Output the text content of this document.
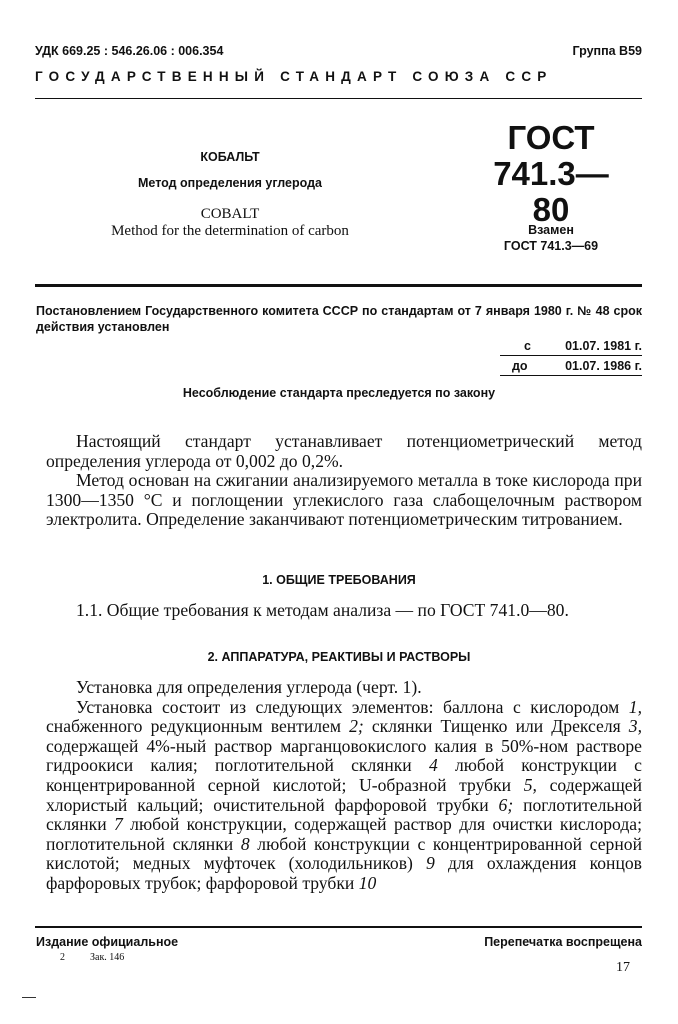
УДК 669.25 : 546.26.06 : 006.354	Группа В59
ГОСУДАРСТВЕННЫЙ СТАНДАРТ СОЮЗА ССР
КОБАЛЬТ
Метод определения углерода
COBALT
Method for the determination of carbon
ГОСТ
741.3—80
Взамен
ГОСТ 741.3—69
Постановлением Государственного комитета СССР по стандартам от 7 января 1980 г. № 48 срок действия установлен
с	01.07. 1981 г.
до	01.07. 1986 г.
Несоблюдение стандарта преследуется по закону

Настоящий стандарт устанавливает потенциометрический метод определения углерода от 0,002 до 0,2%.

Метод основан на сжигании анализируемого металла в токе кислорода при 1300—1350 °С и поглощении углекислого газа слабощелочным раствором электролита. Определение заканчивают потенциометрическим титрованием.

1. ОБЩИЕ ТРЕБОВАНИЯ

1.1. Общие требования к методам анализа — по ГОСТ 741.0—80.

2. АППАРАТУРА, РЕАКТИВЫ И РАСТВОРЫ

Установка для определения углерода (черт. 1).

Установка состоит из следующих элементов: баллона с кислородом 1, снабженного редукционным вентилем 2; склянки Тищенко или Дрекселя 3, содержащей 4%-ный раствор марганцовокислого калия в 50%-ном растворе гидроокиси калия; поглотительной склянки 4 любой конструкции с концентрированной серной кислотой; U-образной трубки 5, содержащей хлористый кальций; очистительной фарфоровой трубки 6; поглотительной склянки 7 любой конструкции, содержащей раствор для очистки кислорода; поглотительной склянки 8 любой конструкции с концентрированной серной кислотой; медных муфточек (холодильников) 9 для охлаждения концов фарфоровых трубок; фарфоровой трубки 10

Издание официальное	Перепечатка воспрещена
2	Зак. 146
17
